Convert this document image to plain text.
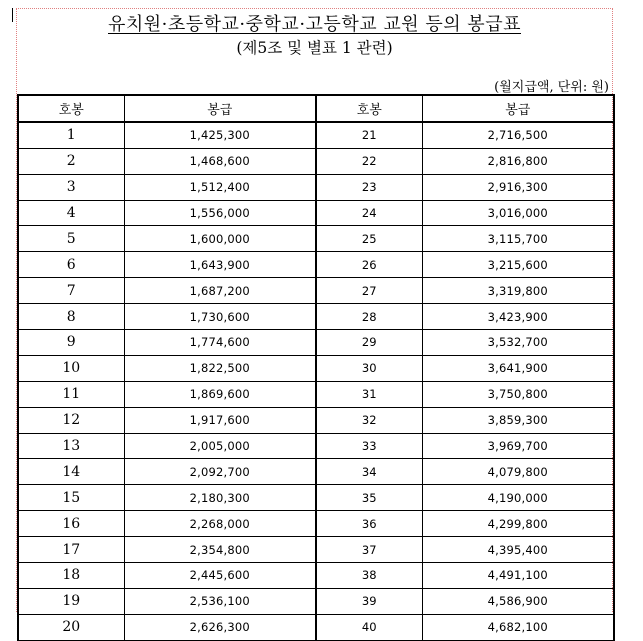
유치원·초등학교·중학교·고등학교 교원 등의 봉급표
(제5조 및 별표 1 관련)
(월지급액, 단위: 원)
호봉	봉급	호봉	봉급
1	1,425,300	21	2,716,500
2	1,468,600	22	2,816,800
3	1,512,400	23	2,916,300
4	1,556,000	24	3,016,000
5	1,600,000	25	3,115,700
6	1,643,900	26	3,215,600
7	1,687,200	27	3,319,800
8	1,730,600	28	3,423,900
9	1,774,600	29	3,532,700
10	1,822,500	30	3,641,900
11	1,869,600	31	3,750,800
12	1,917,600	32	3,859,300
13	2,005,000	33	3,969,700
14	2,092,700	34	4,079,800
15	2,180,300	35	4,190,000
16	2,268,000	36	4,299,800
17	2,354,800	37	4,395,400
18	2,445,600	38	4,491,100
19	2,536,100	39	4,586,900
20	2,626,300	40	4,682,100
